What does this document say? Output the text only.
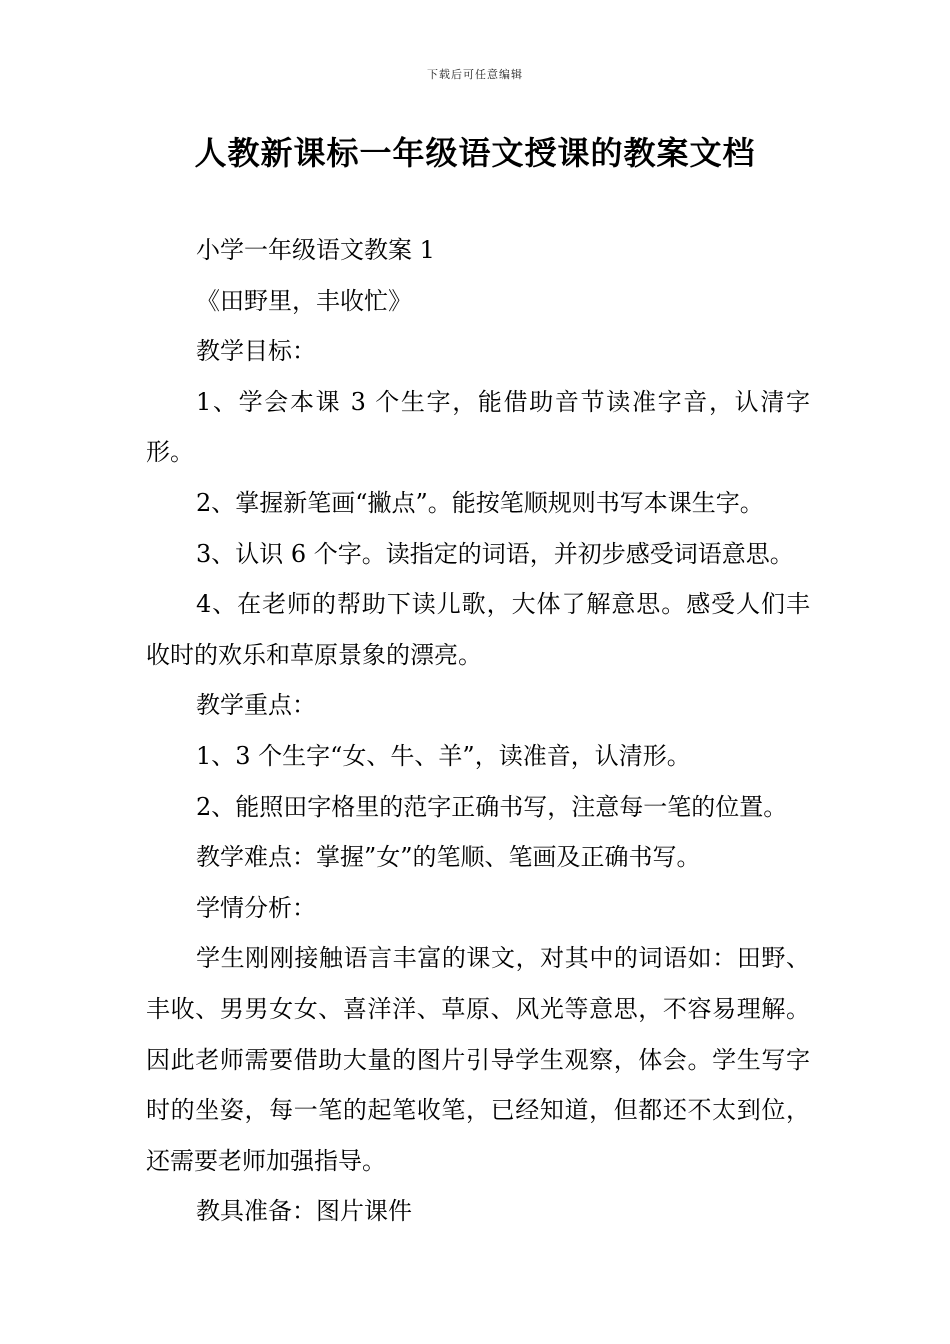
下载后可任意编辑
人教新课标一年级语文授课的教案文档

小学一年级语文教案 1

《田野里，丰收忙》

教学目标：

1、学会本课 3 个生字，能借助音节读准字音，认清字形。

2、掌握新笔画“撇点”。能按笔顺规则书写本课生字。

3、认识 6 个字。读指定的词语，并初步感受词语意思。

4、在老师的帮助下读儿歌，大体了解意思。感受人们丰收时的欢乐和草原景象的漂亮。

教学重点：

1、3 个生字“女、牛、羊”，读准音，认清形。

2、能照田字格里的范字正确书写，注意每一笔的位置。

教学难点：掌握”女”的笔顺、笔画及正确书写。

学情分析：

学生刚刚接触语言丰富的课文，对其中的词语如：田野、丰收、男男女女、喜洋洋、草原、风光等意思，不容易理解。因此老师需要借助大量的图片引导学生观察，体会。学生写字时的坐姿，每一笔的起笔收笔，已经知道，但都还不太到位，还需要老师加强指导。

教具准备：图片课件
